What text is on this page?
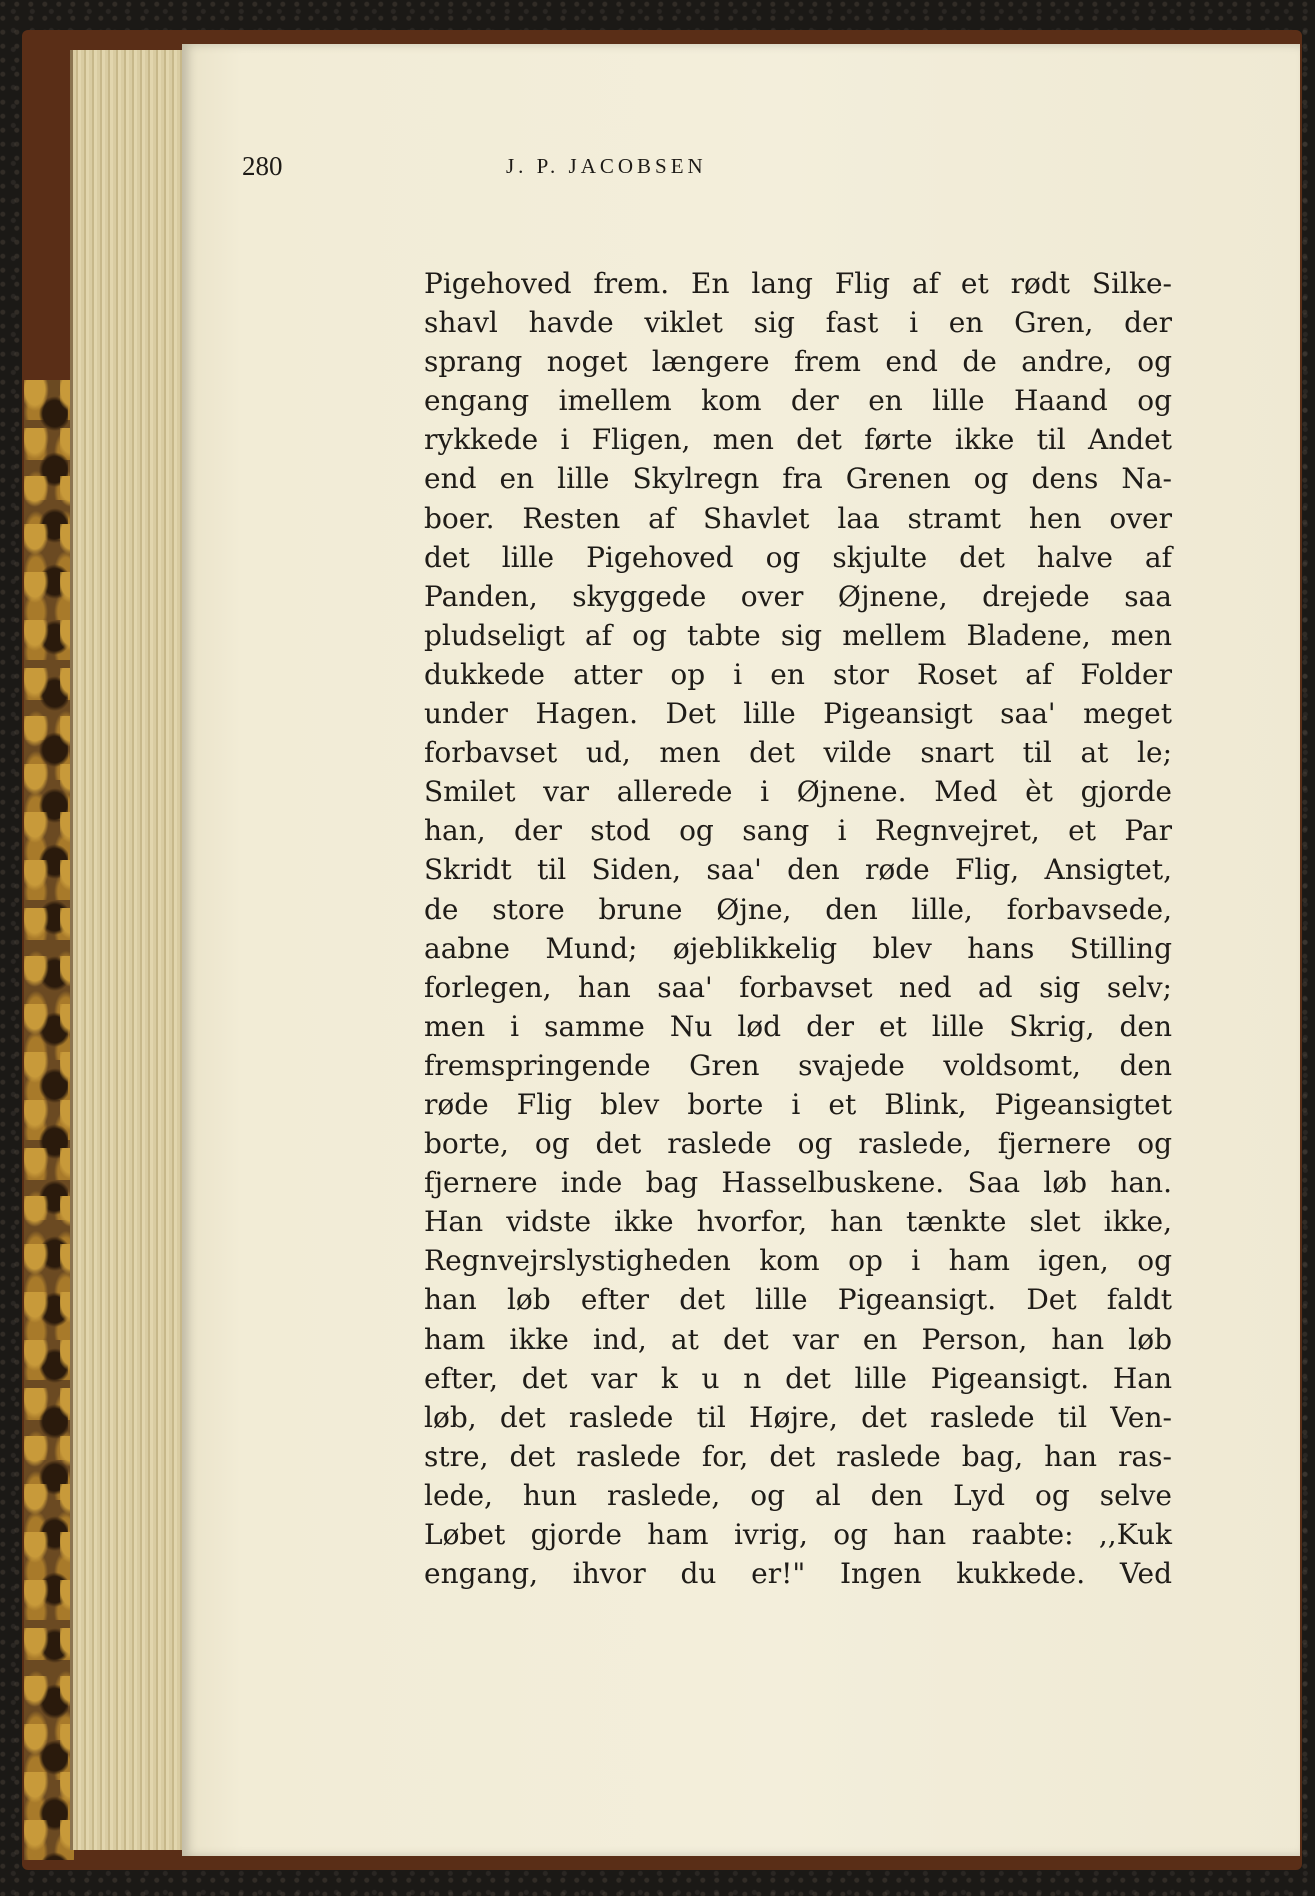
280	J. P. JACOBSEN
Pigehoved frem. En lang Flig af et rødt Silke-
shavl havde viklet sig fast i en Gren, der
sprang noget længere frem end de andre, og
engang imellem kom der en lille Haand og
rykkede i Fligen, men det førte ikke til Andet
end en lille Skylregn fra Grenen og dens Na-
boer. Resten af Shavlet laa stramt hen over
det lille Pigehoved og skjulte det halve af
Panden, skyggede over Øjnene, drejede saa
pludseligt af og tabte sig mellem Bladene, men
dukkede atter op i en stor Roset af Folder
under Hagen. Det lille Pigeansigt saa' meget
forbavset ud, men det vilde snart til at le;
Smilet var allerede i Øjnene. Med èt gjorde
han, der stod og sang i Regnvejret, et Par
Skridt til Siden, saa' den røde Flig, Ansigtet,
de store brune Øjne, den lille, forbavsede,
aabne Mund; øjeblikkelig blev hans Stilling
forlegen, han saa' forbavset ned ad sig selv;
men i samme Nu lød der et lille Skrig, den
fremspringende Gren svajede voldsomt, den
røde Flig blev borte i et Blink, Pigeansigtet
borte, og det raslede og raslede, fjernere og
fjernere inde bag Hasselbuskene. Saa løb han.
Han vidste ikke hvorfor, han tænkte slet ikke,
Regnvejrslystigheden kom op i ham igen, og
han løb efter det lille Pigeansigt. Det faldt
ham ikke ind, at det var en Person, han løb
efter, det var k u n det lille Pigeansigt. Han
løb, det raslede til Højre, det raslede til Ven-
stre, det raslede for, det raslede bag, han ras-
lede, hun raslede, og al den Lyd og selve
Løbet gjorde ham ivrig, og han raabte: ,,Kuk
engang, ihvor du er!" Ingen kukkede. Ved
